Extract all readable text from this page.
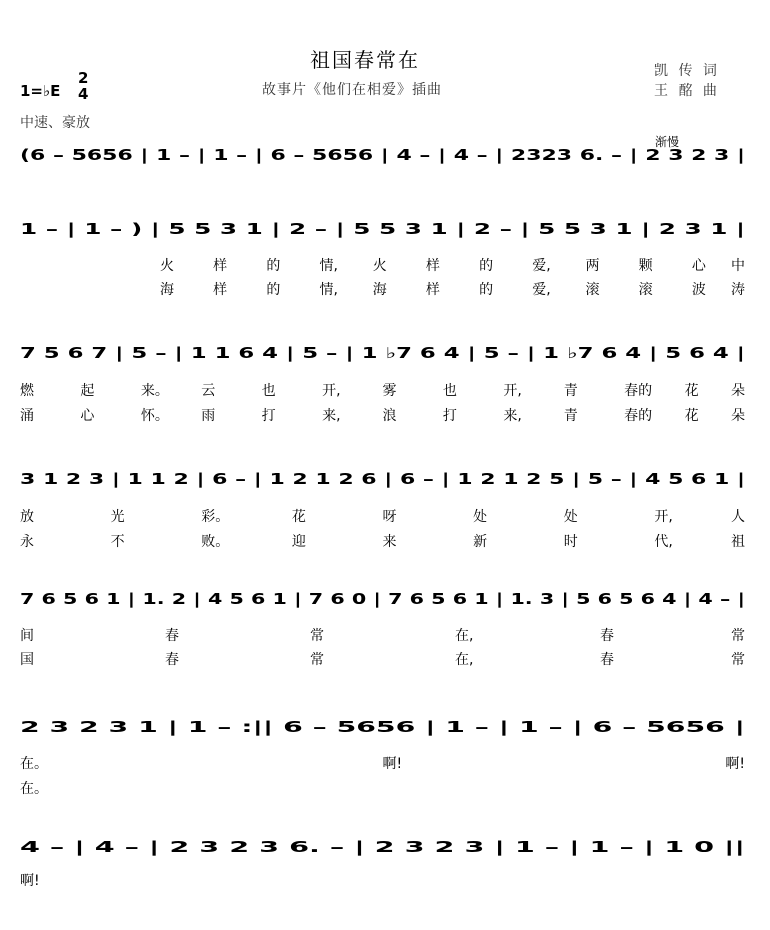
祖国春常在
故事片《他们在相爱》插曲
凯 传 词
王 酩 曲
1=♭E
2
4
中速、豪放
渐慢
(6 – 5656 | 1 – | 1 – | 6 – 5656 | 4 – | 4 – | 2323 6. – | 2 3 2 3 |
1 – | 1 – ) | 5 5 3 1 | 2 – | 5 5 3 1 | 2 – | 5 5 3 1 | 2 3 1 |
火	样	的	情, 火	样	的	爱, 两	颗	心 中
海	样	的	情, 海	样	的	爱, 滚	滚	波 涛
7 5 6 7 | 5 – | 1 1 6 4 | 5 – | 1 ♭7 6 4 | 5 – | 1 ♭7 6 4 | 5 6 4 |
燃	起	来。 云	也	开,	雾	也	开,	青	春的 花 朵
涌	心	怀。 雨	打	来,	浪	打	来,	青	春的 花 朵
3 1 2 3 | 1 1 2 | 6 – | 1 2 1 2 6 | 6 – | 1 2 1 2 5 | 5 – | 4 5 6 1 |
放	光	彩。	花	呀	处	处	开,	人
永	不	败。	迎	来	新	时	代,	祖
7 6 5 6 1 | 1. 2 | 4 5 6 1 | 7 6 0 | 7 6 5 6 1 | 1. 3 | 5 6 5 6 4 | 4 – |
间	春	常	在,	春	常
国	春	常	在,	春	常
2 3 2 3 1 | 1 – :|| 6 – 5656 | 1 – | 1 – | 6 – 5656 |
在。	啊!	啊!
在。
4 – | 4 – | 2 3 2 3 6. – | 2 3 2 3 | 1 – | 1 – | 1 0 ||
啊!
